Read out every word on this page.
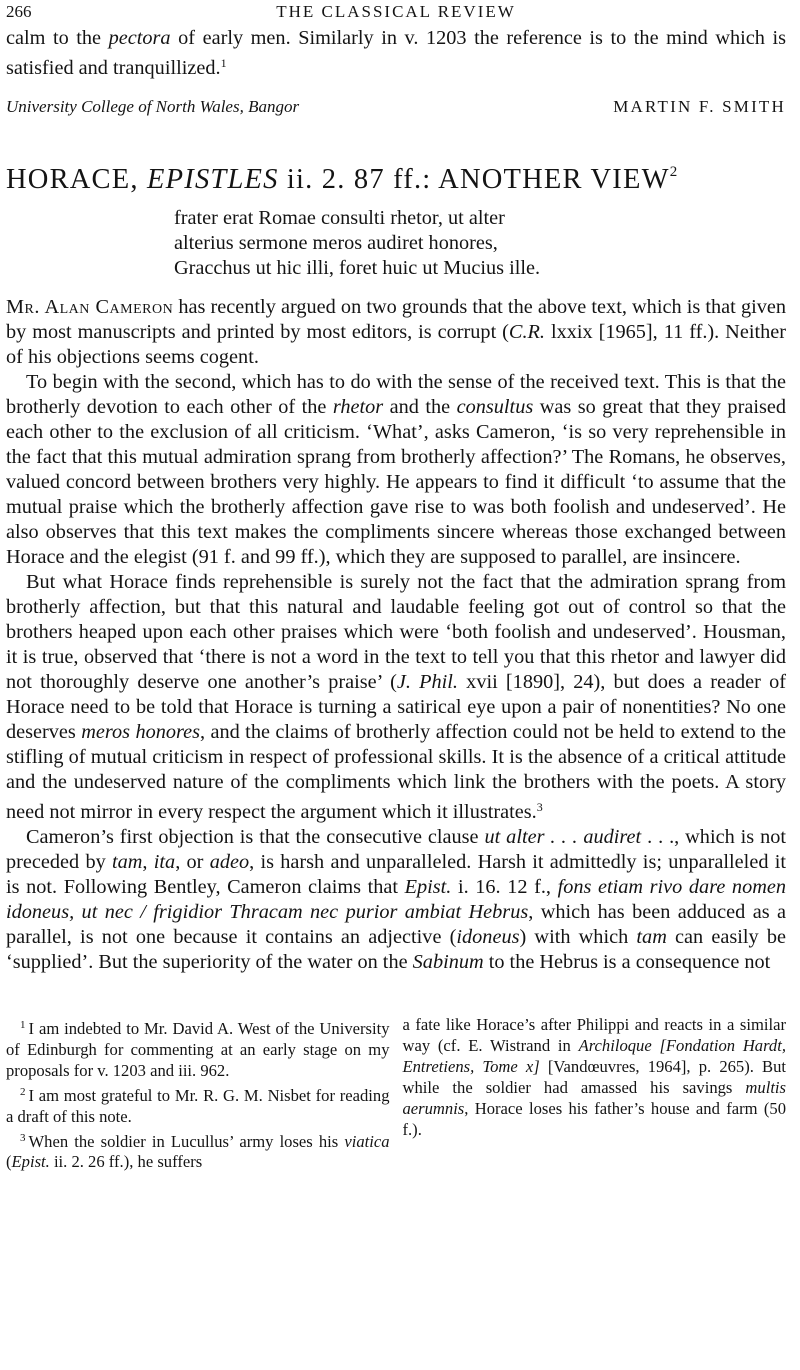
266	THE CLASSICAL REVIEW

calm to the pectora of early men. Similarly in v. 1203 the reference is to the mind which is satisfied and tranquillized.$^1$

University College of North Wales, Bangor	MARTIN F. SMITH
HORACE, EPISTLES ii. 2. 87 ff.: ANOTHER VIEW$^2$
frater erat Romae consulti rhetor, ut alter
alterius sermone meros audiret honores,
Gracchus ut hic illi, foret huic ut Mucius ille.

Mr. Alan Cameron has recently argued on two grounds that the above text, which is that given by most manuscripts and printed by most editors, is corrupt (C.R. lxxix [1965], 11 ff.). Neither of his objections seems cogent.

To begin with the second, which has to do with the sense of the received text. This is that the brotherly devotion to each other of the rhetor and the consultus was so great that they praised each other to the exclusion of all criticism. ‘What’, asks Cameron, ‘is so very reprehensible in the fact that this mutual admiration sprang from brotherly affection?’ The Romans, he observes, valued concord between brothers very highly. He appears to find it difficult ‘to assume that the mutual praise which the brotherly affection gave rise to was both foolish and undeserved’. He also observes that this text makes the compliments sincere whereas those exchanged between Horace and the elegist (91 f. and 99 ff.), which they are supposed to parallel, are insincere.

But what Horace finds reprehensible is surely not the fact that the admiration sprang from brotherly affection, but that this natural and laudable feeling got out of control so that the brothers heaped upon each other praises which were ‘both foolish and undeserved’. Housman, it is true, observed that ‘there is not a word in the text to tell you that this rhetor and lawyer did not thoroughly deserve one another’s praise’ (J. Phil. xvii [1890], 24), but does a reader of Horace need to be told that Horace is turning a satirical eye upon a pair of nonentities? No one deserves meros honores, and the claims of brotherly affection could not be held to extend to the stifling of mutual criticism in respect of professional skills. It is the absence of a critical attitude and the undeserved nature of the compliments which link the brothers with the poets. A story need not mirror in every respect the argument which it illustrates.$^3$

Cameron’s first objection is that the consecutive clause ut alter . . . audiret . . ., which is not preceded by tam, ita, or adeo, is harsh and unparalleled. Harsh it admittedly is; unparalleled it is not. Following Bentley, Cameron claims that Epist. i. 16. 12 f., fons etiam rivo dare nomen idoneus, ut nec / frigidior Thracam nec purior ambiat Hebrus, which has been adduced as a parallel, is not one because it contains an adjective (idoneus) with which tam can easily be ‘supplied’. But the superiority of the water on the Sabinum to the Hebrus is a consequence not

$^1$ I am indebted to Mr. David A. West of the University of Edinburgh for commenting at an early stage on my proposals for v. 1203 and iii. 962.

$^2$ I am most grateful to Mr. R. G. M. Nisbet for reading a draft of this note.

$^3$ When the soldier in Lucullus’ army loses his viatica (Epist. ii. 2. 26 ff.), he suffers

a fate like Horace’s after Philippi and reacts in a similar way (cf. E. Wistrand in Archiloque [Fondation Hardt, Entretiens, Tome x] [Vandœuvres, 1964], p. 265). But while the soldier had amassed his savings multis aerumnis, Horace loses his father’s house and farm (50 f.).
